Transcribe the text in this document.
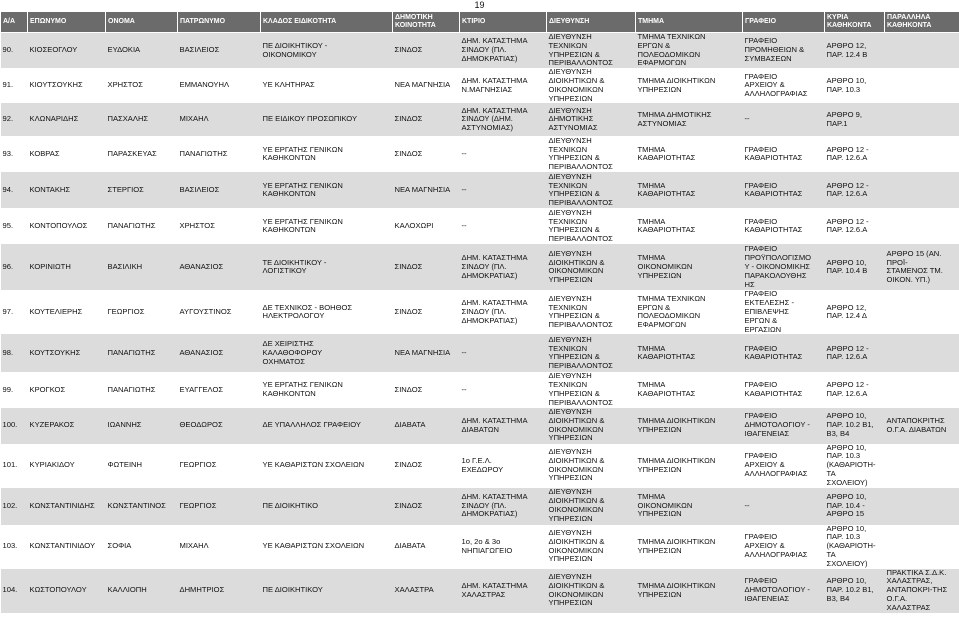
19
Α/Α	ΕΠΩΝΥΜΟ	ΟΝΟΜΑ	ΠΑΤΡΩΝΥΜΟ	ΚΛΑΔΟΣ ΕΙΔΙΚΟΤΗΤΑ	ΔΗΜΟΤΙΚΗ ΚΟΙΝΟΤΗΤΑ	ΚΤΙΡΙΟ	ΔΙΕΥΘΥΝΣΗ	ΤΜΗΜΑ	ΓΡΑΦΕΙΟ	ΚΥΡΙΑ ΚΑΘΗΚΟΝΤΑ	ΠΑΡΑΛΛΗΛΑ ΚΑΘΗΚΟΝΤΑ
90.	ΚΙΟΣΕΟΓΛΟΥ	ΕΥΔΟΚΙΑ	ΒΑΣΙΛΕΙΟΣ	ΠΕ ΔΙΟΙΚΗΤΙΚΟΥ -
ΟΙΚΟΝΟΜΙΚΟΥ	ΣΙΝΔΟΣ	ΔΗΜ. ΚΑΤΑΣΤΗΜΑ
ΣΙΝΔΟΥ (ΠΛ.
ΔΗΜΟΚΡΑΤΙΑΣ)	ΔΙΕΥΘΥΝΣΗ
ΤΕΧΝΙΚΩΝ
ΥΠΗΡΕΣΙΩΝ &
ΠΕΡΙΒΑΛΛΟΝΤΟΣ	ΤΜΗΜΑ ΤΕΧΝΙΚΩΝ
ΕΡΓΩΝ &
ΠΟΛΕΟΔΟΜΙΚΩΝ
ΕΦΑΡΜΟΓΩΝ	ΓΡΑΦΕΙΟ
ΠΡΟΜΗΘΕΙΩΝ &
ΣΥΜΒΑΣΕΩΝ	ΑΡΘΡΟ 12,
ΠΑΡ. 12.4 Β	
91.	ΚΙΟΥΤΣΟΥΚΗΣ	ΧΡΗΣΤΟΣ	ΕΜΜΑΝΟΥΗΛ	ΥΕ ΚΛΗΤΗΡΑΣ	ΝΕΑ ΜΑΓΝΗΣΙΑ	ΔΗΜ. ΚΑΤΑΣΤΗΜΑ
Ν.ΜΑΓΝΗΣΙΑΣ	ΔΙΕΥΘΥΝΣΗ
ΔΙΟΙΚΗΤΙΚΩΝ &
ΟΙΚΟΝΟΜΙΚΩΝ
ΥΠΗΡΕΣΙΩΝ	ΤΜΗΜΑ ΔΙΟΙΚΗΤΙΚΩΝ
ΥΠΗΡΕΣΙΩΝ	ΓΡΑΦΕΙΟ
ΑΡΧΕΙΟΥ &
ΑΛΛΗΛΟΓΡΑΦΙΑΣ	ΑΡΘΡΟ 10,
ΠΑΡ. 10.3	
92.	ΚΛΩΝΑΡΙΔΗΣ	ΠΑΣΧΑΛΗΣ	ΜΙΧΑΗΛ	ΠΕ ΕΙΔΙΚΟΥ ΠΡΟΣΩΠΙΚΟΥ	ΣΙΝΔΟΣ	ΔΗΜ. ΚΑΤΑΣΤΗΜΑ
ΣΙΝΔΟΥ (ΔΗΜ.
ΑΣΤΥΝΟΜΙΑΣ)	ΔΙΕΥΘΥΝΣΗ
ΔΗΜΟΤΙΚΗΣ
ΑΣΤΥΝΟΜΙΑΣ	ΤΜΗΜΑ ΔΗΜΟΤΙΚΗΣ
ΑΣΤΥΝΟΜΙΑΣ	--	ΑΡΘΡΟ 9,
ΠΑΡ.1	
93.	ΚΟΒΡΑΣ	ΠΑΡΑΣΚΕΥΑΣ	ΠΑΝΑΓΙΩΤΗΣ	ΥΕ ΕΡΓΑΤΗΣ ΓΕΝΙΚΩΝ
ΚΑΘΗΚΟΝΤΩΝ	ΣΙΝΔΟΣ	--	ΔΙΕΥΘΥΝΣΗ
ΤΕΧΝΙΚΩΝ
ΥΠΗΡΕΣΙΩΝ &
ΠΕΡΙΒΑΛΛΟΝΤΟΣ	ΤΜΗΜΑ
ΚΑΘΑΡΙΟΤΗΤΑΣ	ΓΡΑΦΕΙΟ
ΚΑΘΑΡΙΟΤΗΤΑΣ	ΑΡΘΡΟ 12 -
ΠΑΡ. 12.6.Α	
94.	ΚΟΝΤΑΚΗΣ	ΣΤΕΡΓΙΟΣ	ΒΑΣΙΛΕΙΟΣ	ΥΕ ΕΡΓΑΤΗΣ ΓΕΝΙΚΩΝ
ΚΑΘΗΚΟΝΤΩΝ	ΝΕΑ ΜΑΓΝΗΣΙΑ	--	ΔΙΕΥΘΥΝΣΗ
ΤΕΧΝΙΚΩΝ
ΥΠΗΡΕΣΙΩΝ &
ΠΕΡΙΒΑΛΛΟΝΤΟΣ	ΤΜΗΜΑ
ΚΑΘΑΡΙΟΤΗΤΑΣ	ΓΡΑΦΕΙΟ
ΚΑΘΑΡΙΟΤΗΤΑΣ	ΑΡΘΡΟ 12 -
ΠΑΡ. 12.6.Α	
95.	ΚΟΝΤΟΠΟΥΛΟΣ	ΠΑΝΑΓΙΩΤΗΣ	ΧΡΗΣΤΟΣ	ΥΕ ΕΡΓΑΤΗΣ ΓΕΝΙΚΩΝ
ΚΑΘΗΚΟΝΤΩΝ	ΚΑΛΟΧΩΡΙ	--	ΔΙΕΥΘΥΝΣΗ
ΤΕΧΝΙΚΩΝ
ΥΠΗΡΕΣΙΩΝ &
ΠΕΡΙΒΑΛΛΟΝΤΟΣ	ΤΜΗΜΑ
ΚΑΘΑΡΙΟΤΗΤΑΣ	ΓΡΑΦΕΙΟ
ΚΑΘΑΡΙΟΤΗΤΑΣ	ΑΡΘΡΟ 12 -
ΠΑΡ. 12.6.Α	
96.	ΚΟΡΙΝΙΩΤΗ	ΒΑΣΙΛΙΚΗ	ΑΘΑΝΑΣΙΟΣ	ΤΕ ΔΙΟΙΚΗΤΙΚΟΥ -
ΛΟΓΙΣΤΙΚΟΥ	ΣΙΝΔΟΣ	ΔΗΜ. ΚΑΤΑΣΤΗΜΑ
ΣΙΝΔΟΥ (ΠΛ.
ΔΗΜΟΚΡΑΤΙΑΣ)	ΔΙΕΥΘΥΝΣΗ
ΔΙΟΙΚΗΤΙΚΩΝ &
ΟΙΚΟΝΟΜΙΚΩΝ
ΥΠΗΡΕΣΙΩΝ	ΤΜΗΜΑ
ΟΙΚΟΝΟΜΙΚΩΝ
ΥΠΗΡΕΣΙΩΝ	ΓΡΑΦΕΙΟ
ΠΡΟΫΠΟΛΟΓΙΣΜΟ
Υ - ΟΙΚΟΝΟΜΙΚΗΣ
ΠΑΡΑΚΟΛΟΥΘΗΣ
ΗΣ	ΑΡΘΡΟ 10,
ΠΑΡ. 10.4 Β	ΑΡΘΡΟ 15 (ΑΝ.
ΠΡΟΪ-
ΣΤΑΜΕΝΟΣ ΤΜ.
ΟΙΚΟΝ. ΥΠ.)
97.	ΚΟΥΤΕΛΙΕΡΗΣ	ΓΕΩΡΓΙΟΣ	ΑΥΓΟΥΣΤΙΝΟΣ	ΔΕ ΤΕΧΝΙΚΟΣ - ΒΟΗΘΟΣ
ΗΛΕΚΤΡΟΛΟΓΟΥ	ΣΙΝΔΟΣ	ΔΗΜ. ΚΑΤΑΣΤΗΜΑ
ΣΙΝΔΟΥ (ΠΛ.
ΔΗΜΟΚΡΑΤΙΑΣ)	ΔΙΕΥΘΥΝΣΗ
ΤΕΧΝΙΚΩΝ
ΥΠΗΡΕΣΙΩΝ &
ΠΕΡΙΒΑΛΛΟΝΤΟΣ	ΤΜΗΜΑ ΤΕΧΝΙΚΩΝ
ΕΡΓΩΝ &
ΠΟΛΕΟΔΟΜΙΚΩΝ
ΕΦΑΡΜΟΓΩΝ	ΓΡΑΦΕΙΟ
ΕΚΤΕΛΕΣΗΣ -
ΕΠΙΒΛΕΨΗΣ
ΕΡΓΩΝ &
ΕΡΓΑΣΙΩΝ	ΑΡΘΡΟ 12,
ΠΑΡ. 12.4 Δ	
98.	ΚΟΥΤΣΟΥΚΗΣ	ΠΑΝΑΓΙΩΤΗΣ	ΑΘΑΝΑΣΙΟΣ	ΔΕ ΧΕΙΡΙΣΤΗΣ
ΚΑΛΑΘΟΦΟΡΟΥ
ΟΧΗΜΑΤΟΣ	ΝΕΑ ΜΑΓΝΗΣΙΑ	--	ΔΙΕΥΘΥΝΣΗ
ΤΕΧΝΙΚΩΝ
ΥΠΗΡΕΣΙΩΝ &
ΠΕΡΙΒΑΛΛΟΝΤΟΣ	ΤΜΗΜΑ
ΚΑΘΑΡΙΟΤΗΤΑΣ	ΓΡΑΦΕΙΟ
ΚΑΘΑΡΙΟΤΗΤΑΣ	ΑΡΘΡΟ 12 -
ΠΑΡ. 12.6.Α	
99.	ΚΡΟΓΚΟΣ	ΠΑΝΑΓΙΩΤΗΣ	ΕΥΑΓΓΕΛΟΣ	ΥΕ ΕΡΓΑΤΗΣ ΓΕΝΙΚΩΝ
ΚΑΘΗΚΟΝΤΩΝ	ΣΙΝΔΟΣ	--	ΔΙΕΥΘΥΝΣΗ
ΤΕΧΝΙΚΩΝ
ΥΠΗΡΕΣΙΩΝ &
ΠΕΡΙΒΑΛΛΟΝΤΟΣ	ΤΜΗΜΑ
ΚΑΘΑΡΙΟΤΗΤΑΣ	ΓΡΑΦΕΙΟ
ΚΑΘΑΡΙΟΤΗΤΑΣ	ΑΡΘΡΟ 12 -
ΠΑΡ. 12.6.Α	
100.	ΚΥΖΕΡΑΚΟΣ	ΙΩΑΝΝΗΣ	ΘΕΟΔΩΡΟΣ	ΔΕ ΥΠΑΛΛΗΛΟΣ ΓΡΑΦΕΙΟΥ	ΔΙΑΒΑΤΑ	ΔΗΜ. ΚΑΤΑΣΤΗΜΑ
ΔΙΑΒΑΤΩΝ	ΔΙΕΥΘΥΝΣΗ
ΔΙΟΙΚΗΤΙΚΩΝ &
ΟΙΚΟΝΟΜΙΚΩΝ
ΥΠΗΡΕΣΙΩΝ	ΤΜΗΜΑ ΔΙΟΙΚΗΤΙΚΩΝ
ΥΠΗΡΕΣΙΩΝ	ΓΡΑΦΕΙΟ
ΔΗΜΟΤΟΛΟΓΙΟΥ -
ΙΘΑΓΕΝΕΙΑΣ	ΑΡΘΡΟ 10,
ΠΑΡ. 10.2 Β1,
Β3, Β4	ΑΝΤΑΠΟΚΡΙΤΗΣ
Ο.Γ.Α. ΔΙΑΒΑΤΩΝ
101.	ΚΥΡΙΑΚΙΔΟΥ	ΦΩΤΕΙΝΗ	ΓΕΩΡΓΙΟΣ	ΥΕ ΚΑΘΑΡΙΣΤΩΝ ΣΧΟΛΕΙΩΝ	ΣΙΝΔΟΣ	1ο Γ.Ε.Λ.
ΕΧΕΔΩΡΟΥ	ΔΙΕΥΘΥΝΣΗ
ΔΙΟΙΚΗΤΙΚΩΝ &
ΟΙΚΟΝΟΜΙΚΩΝ
ΥΠΗΡΕΣΙΩΝ	ΤΜΗΜΑ ΔΙΟΙΚΗΤΙΚΩΝ
ΥΠΗΡΕΣΙΩΝ	ΓΡΑΦΕΙΟ
ΑΡΧΕΙΟΥ &
ΑΛΛΗΛΟΓΡΑΦΙΑΣ	ΑΡΘΡΟ 10,
ΠΑΡ. 10.3
(ΚΑΘΑΡΙΟΤΗ-
ΤΑ
ΣΧΟΛΕΙΟΥ)	
102.	ΚΩΝΣΤΑΝΤΙΝΙΔΗΣ	ΚΩΝΣΤΑΝΤΙΝΟΣ	ΓΕΩΡΓΙΟΣ	ΠΕ ΔΙΟΙΚΗΤΙΚΟ	ΣΙΝΔΟΣ	ΔΗΜ. ΚΑΤΑΣΤΗΜΑ
ΣΙΝΔΟΥ (ΠΛ.
ΔΗΜΟΚΡΑΤΙΑΣ)	ΔΙΕΥΘΥΝΣΗ
ΔΙΟΙΚΗΤΙΚΩΝ &
ΟΙΚΟΝΟΜΙΚΩΝ
ΥΠΗΡΕΣΙΩΝ	ΤΜΗΜΑ
ΟΙΚΟΝΟΜΙΚΩΝ
ΥΠΗΡΕΣΙΩΝ	--	ΑΡΘΡΟ 10,
ΠΑΡ. 10.4 -
ΑΡΘΡΟ 15	
103.	ΚΩΝΣΤΑΝΤΙΝΙΔΟΥ	ΣΟΦΙΑ	ΜΙΧΑΗΛ	ΥΕ ΚΑΘΑΡΙΣΤΩΝ ΣΧΟΛΕΙΩΝ	ΔΙΑΒΑΤΑ	1ο, 2ο & 3ο
ΝΗΠΙΑΓΩΓΕΙΟ	ΔΙΕΥΘΥΝΣΗ
ΔΙΟΙΚΗΤΙΚΩΝ &
ΟΙΚΟΝΟΜΙΚΩΝ
ΥΠΗΡΕΣΙΩΝ	ΤΜΗΜΑ ΔΙΟΙΚΗΤΙΚΩΝ
ΥΠΗΡΕΣΙΩΝ	ΓΡΑΦΕΙΟ
ΑΡΧΕΙΟΥ &
ΑΛΛΗΛΟΓΡΑΦΙΑΣ	ΑΡΘΡΟ 10,
ΠΑΡ. 10.3
(ΚΑΘΑΡΙΟΤΗ-
ΤΑ
ΣΧΟΛΕΙΟΥ)	
104.	ΚΩΣΤΟΠΟΥΛΟΥ	ΚΑΛΛΙΟΠΗ	ΔΗΜΗΤΡΙΟΣ	ΠΕ ΔΙΟΙΚΗΤΙΚΟΥ	ΧΑΛΑΣΤΡΑ	ΔΗΜ. ΚΑΤΑΣΤΗΜΑ
ΧΑΛΑΣΤΡΑΣ	ΔΙΕΥΘΥΝΣΗ
ΔΙΟΙΚΗΤΙΚΩΝ &
ΟΙΚΟΝΟΜΙΚΩΝ
ΥΠΗΡΕΣΙΩΝ	ΤΜΗΜΑ ΔΙΟΙΚΗΤΙΚΩΝ
ΥΠΗΡΕΣΙΩΝ	ΓΡΑΦΕΙΟ
ΔΗΜΟΤΟΛΟΓΙΟΥ -
ΙΘΑΓΕΝΕΙΑΣ	ΑΡΘΡΟ 10,
ΠΑΡ. 10.2 Β1,
Β3, Β4	ΠΡΑΚΤΙΚΑ Σ.Δ.Κ.
ΧΑΛΑΣΤΡΑΣ,
ΑΝΤΑΠΟΚΡΙ-ΤΗΣ
Ο.Γ.Α.
ΧΑΛΑΣΤΡΑΣ
